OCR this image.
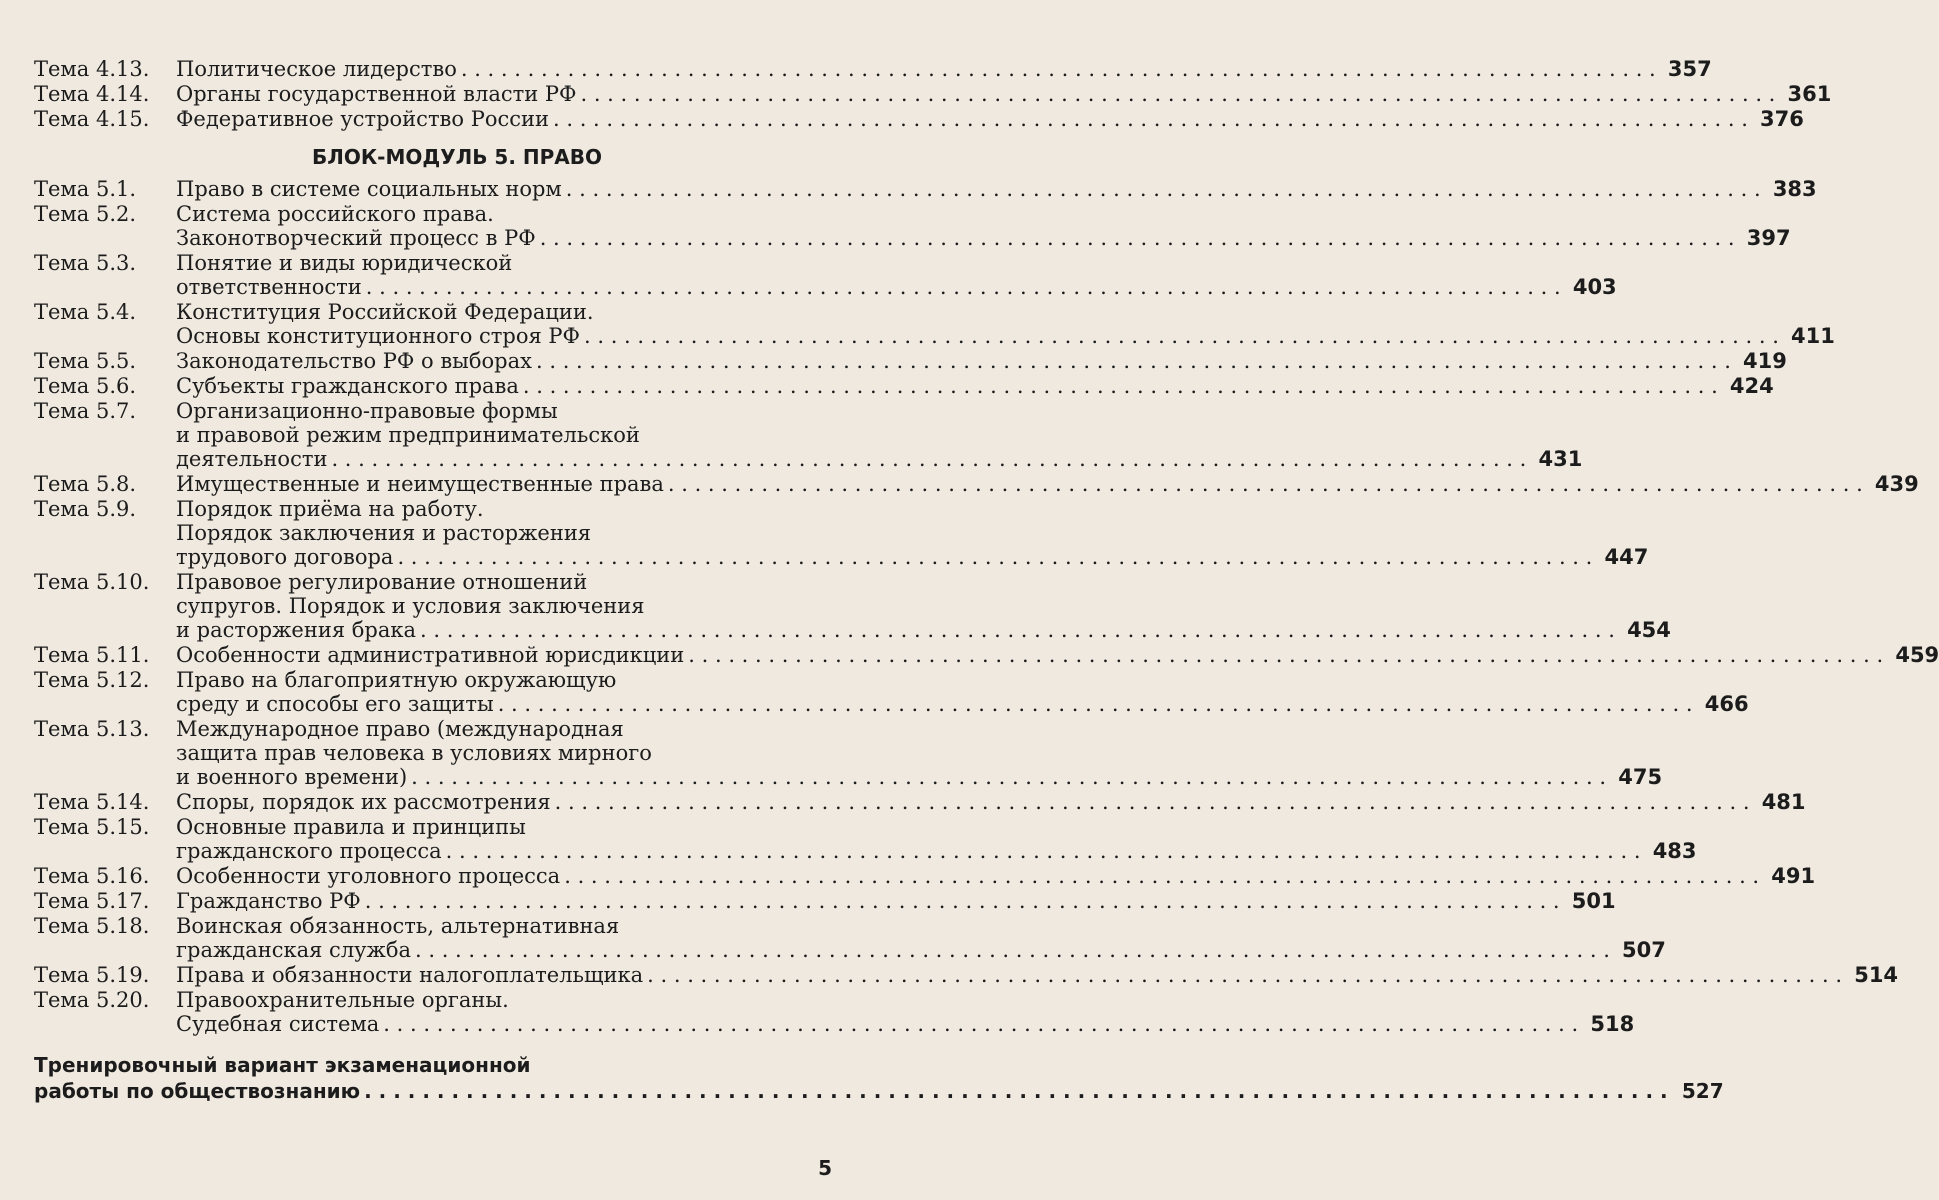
Тема 4.13.	Политическое лидерство . . .	357
Тема 4.14.	Органы государственной власти РФ . . .	361
Тема 4.15.	Федеративное устройство России . . .	376
БЛОК-МОДУЛЬ 5. ПРАВО
Тема 5.1.	Право в системе социальных норм . . .	383
Тема 5.2.	Система российского права.
Законотворческий процесс в РФ . . .	397
Тема 5.3.	Понятие и виды юридической
ответственности . . .	403
Тема 5.4.	Конституция Российской Федерации.
Основы конституционного строя РФ . . .	411
Тема 5.5.	Законодательство РФ о выборах . . .	419
Тема 5.6.	Субъекты гражданского права . . .	424
Тема 5.7.	Организационно-правовые формы
и правовой режим предпринимательской
деятельности . . .	431
Тема 5.8.	Имущественные и неимущественные права . . .	439
Тема 5.9.	Порядок приёма на работу.
Порядок заключения и расторжения
трудового договора . . .	447
Тема 5.10.	Правовое регулирование отношений
супругов. Порядок и условия заключения
и расторжения брака . . .	454
Тема 5.11.	Особенности административной юрисдикции . . .	459
Тема 5.12.	Право на благоприятную окружающую
среду и способы его защиты . . .	466
Тема 5.13.	Международное право (международная
защита прав человека в условиях мирного
и военного времени) . . .	475
Тема 5.14.	Споры, порядок их рассмотрения . . .	481
Тема 5.15.	Основные правила и принципы
гражданского процесса . . .	483
Тема 5.16.	Особенности уголовного процесса . . .	491
Тема 5.17.	Гражданство РФ . . .	501
Тема 5.18.	Воинская обязанность, альтернативная
гражданская служба . . .	507
Тема 5.19.	Права и обязанности налогоплательщика . . .	514
Тема 5.20.	Правоохранительные органы.
Судебная система . . .	518
Тренировочный вариант экзаменационной
работы по обществознанию . . .	527
5
